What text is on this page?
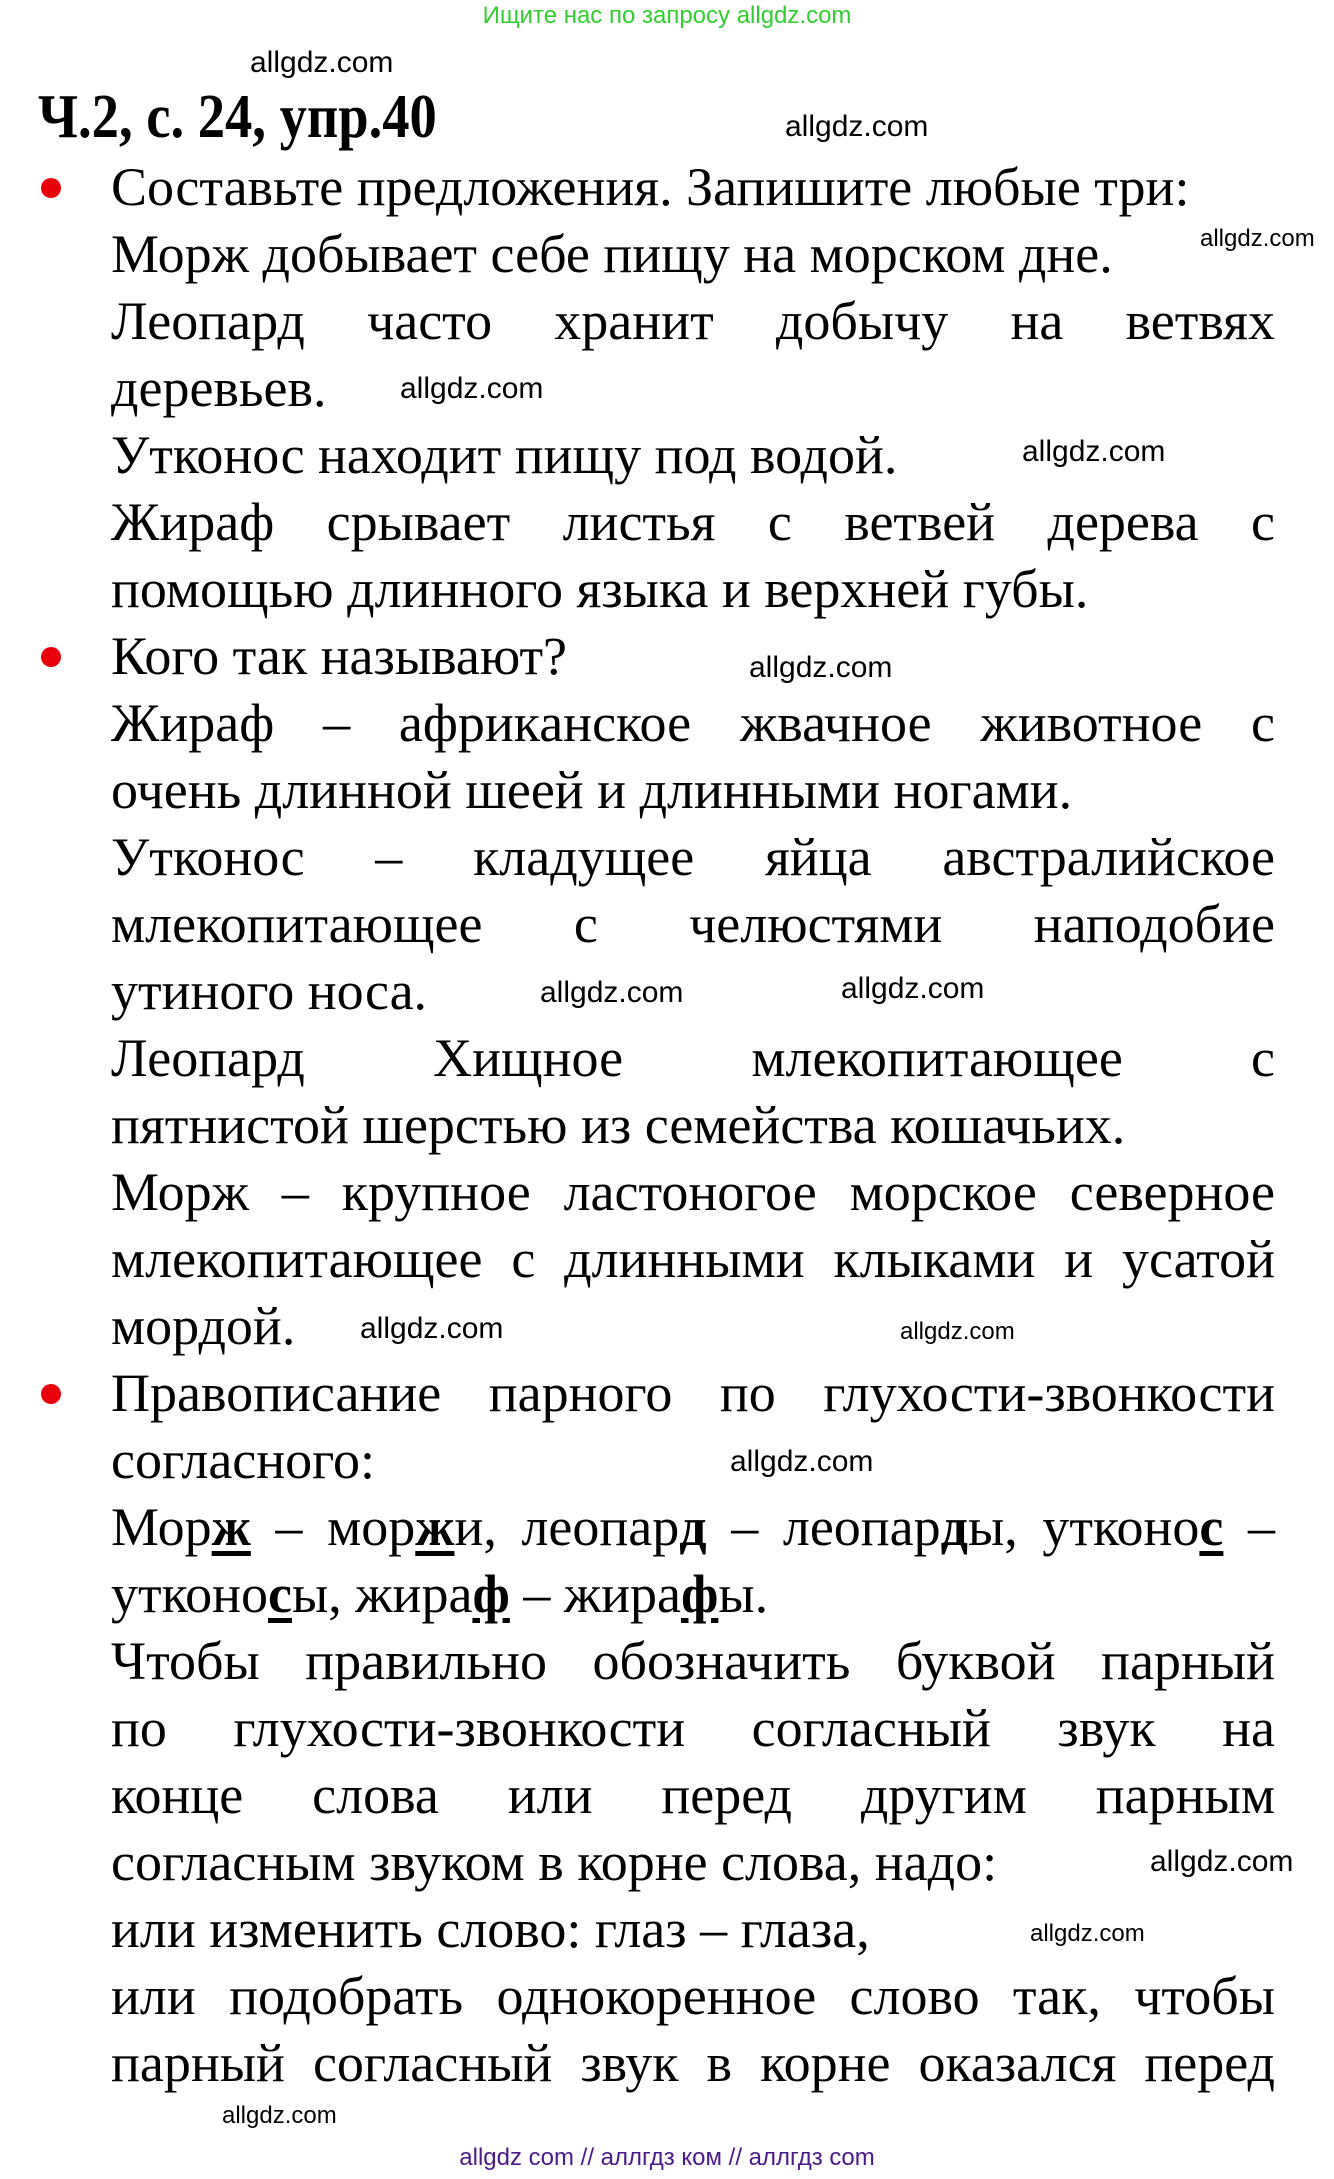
Ищите нас по запросу allgdz.com
Ч.2, с. 24, упр.40
Составьте предложения. Запишите любые три:
Морж добывает себе пищу на морском дне.
Леопард часто хранит добычу на ветвях
деревьев.
Утконос находит пищу под водой.
Жираф срывает листья с ветвей дерева с
помощью длинного языка и верхней губы.
Кого так называют?
Жираф – африканское жвачное животное с
очень длинной шеей и длинными ногами.
Утконос – кладущее яйца австралийское
млекопитающее с челюстями наподобие
утиного носа.
Леопард Хищное млекопитающее с
пятнистой шерстью из семейства кошачьих.
Морж – крупное ластоногое морское северное
млекопитающее с длинными клыками и усатой
мордой.
Правописание парного по глухости-звонкости
согласного:
Морж – моржи, леопард – леопарды, утконос –
утконосы, жираф – жирафы.
Чтобы правильно обозначить буквой парный
по глухости-звонкости согласный звук на
конце слова или перед другим парным
согласным звуком в корне слова, надо:
или изменить слово: глаз – глаза,
или подобрать однокоренное слово так, чтобы
парный согласный звук в корне оказался перед
allgdz.com
allgdz.com
allgdz.com
allgdz.com
allgdz.com
allgdz.com
allgdz.com
allgdz.com
allgdz.com
allgdz.com
allgdz.com
allgdz.com
allgdz.com
allgdz.com
allgdz com // аллгдз ком // аллгдз com
